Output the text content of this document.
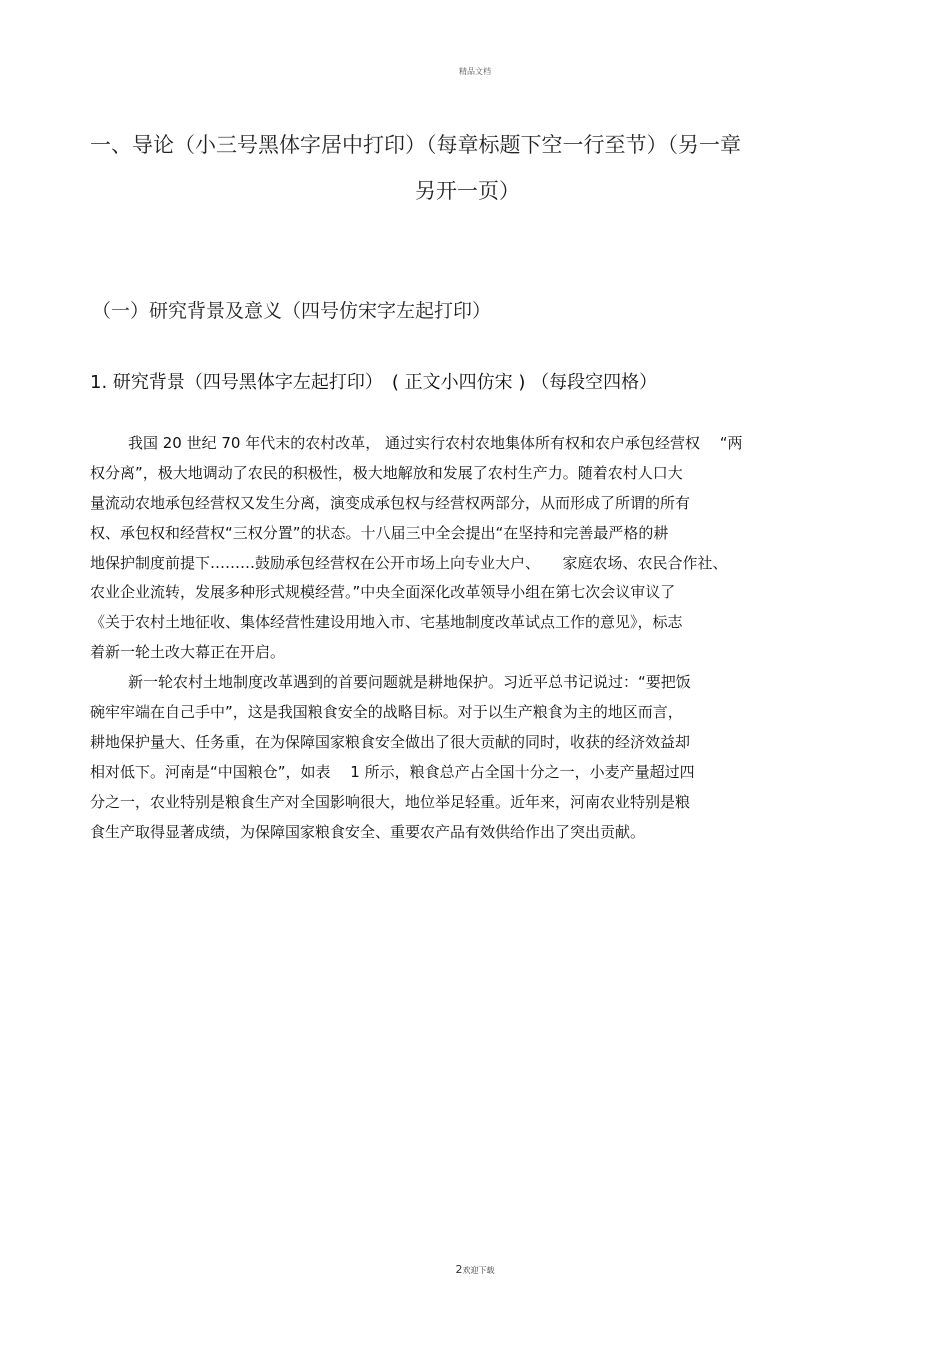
精品文档
一、导论（小三号黑体字居中打印）（每章标题下空一行至节）（另一章
另开一页）
（一）研究背景及意义（四号仿宋字左起打印）
1. 研究背景（四号黑体字左起打印）　( 正文小四仿宋 ) （每段空四格）
我国 20 世纪 70 年代末的农村改革， 通过实行农村农地集体所有权和农户承包经营权 　“两
权分离”，极大地调动了农民的积极性，极大地解放和发展了农村生产力。随着农村人口大
量流动农地承包经营权又发生分离，演变成承包权与经营权两部分，从而形成了所谓的所有
权、承包权和经营权“三权分置”的状态。十八届三中全会提出“在坚持和完善最严格的耕
地保护制度前提下………鼓励承包经营权在公开市场上向专业大户、　　家庭农场、农民合作社、
农业企业流转，发展多种形式规模经营。”中央全面深化改革领导小组在第七次会议审议了
《关于农村土地征收、集体经营性建设用地入市、宅基地制度改革试点工作的意见》，标志
着新一轮土改大幕正在开启。
新一轮农村土地制度改革遇到的首要问题就是耕地保护。习近平总书记说过：“要把饭
碗牢牢端在自己手中”，这是我国粮食安全的战略目标。对于以生产粮食为主的地区而言，
耕地保护量大、任务重，在为保障国家粮食安全做出了很大贡献的同时，收获的经济效益却
相对低下。河南是“中国粮仓”，如表　 1 所示，粮食总产占全国十分之一，小麦产量超过四
分之一，农业特别是粮食生产对全国影响很大，地位举足轻重。近年来，河南农业特别是粮
食生产取得显著成绩，为保障国家粮食安全、重要农产品有效供给作出了突出贡献。
2欢迎下载
